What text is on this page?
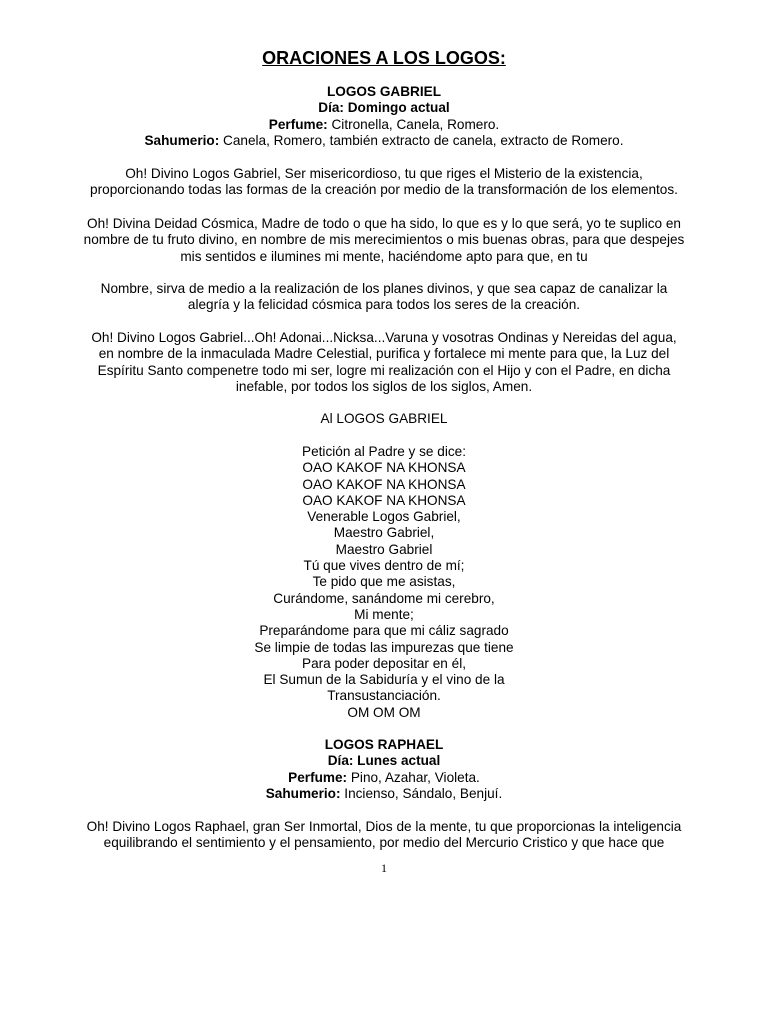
ORACIONES A LOS LOGOS:
LOGOS GABRIEL
Día: Domingo actual
Perfume: Citronella, Canela, Romero.
Sahumerio: Canela, Romero, también extracto de canela, extracto de Romero.
Oh! Divino Logos Gabriel, Ser misericordioso, tu que riges el Misterio de la existencia,
proporcionando todas las formas de la creación por medio de la transformación de los elementos.
Oh! Divina Deidad Cósmica, Madre de todo o que ha sido, lo que es y lo que será, yo te suplico en
nombre de tu fruto divino, en nombre de mis merecimientos o mis buenas obras, para que despejes
mis sentidos e ilumines mi mente, haciéndome apto para que, en tu
Nombre, sirva de medio a la realización de los planes divinos, y que sea capaz de canalizar la
alegría y la felicidad cósmica para todos los seres de la creación.
Oh! Divino Logos Gabriel...Oh! Adonai...Nicksa...Varuna y vosotras Ondinas y Nereidas del agua,
en nombre de la inmaculada Madre Celestial, purifica y fortalece mi mente para que, la Luz del
Espíritu Santo compenetre todo mi ser, logre mi realización con el Hijo y con el Padre, en dicha
inefable, por todos los siglos de los siglos, Amen.
Al LOGOS GABRIEL
Petición al Padre y se dice:
OAO KAKOF NA KHONSA
OAO KAKOF NA KHONSA
OAO KAKOF NA KHONSA
Venerable Logos Gabriel,
Maestro Gabriel,
Maestro Gabriel
Tú que vives dentro de mí;
Te pido que me asistas,
Curándome, sanándome mi cerebro,
Mi mente;
Preparándome para que mi cáliz sagrado
Se limpie de todas las impurezas que tiene
Para poder depositar en él,
El Sumun de la Sabiduría y el vino de la
Transustanciación.
OM OM OM
LOGOS RAPHAEL
Día: Lunes actual
Perfume: Pino, Azahar, Violeta.
Sahumerio: Incienso, Sándalo, Benjuí.
Oh! Divino Logos Raphael, gran Ser Inmortal, Dios de la mente, tu que proporcionas la inteligencia
equilibrando el sentimiento y el pensamiento, por medio del Mercurio Cristico y que hace que
1
